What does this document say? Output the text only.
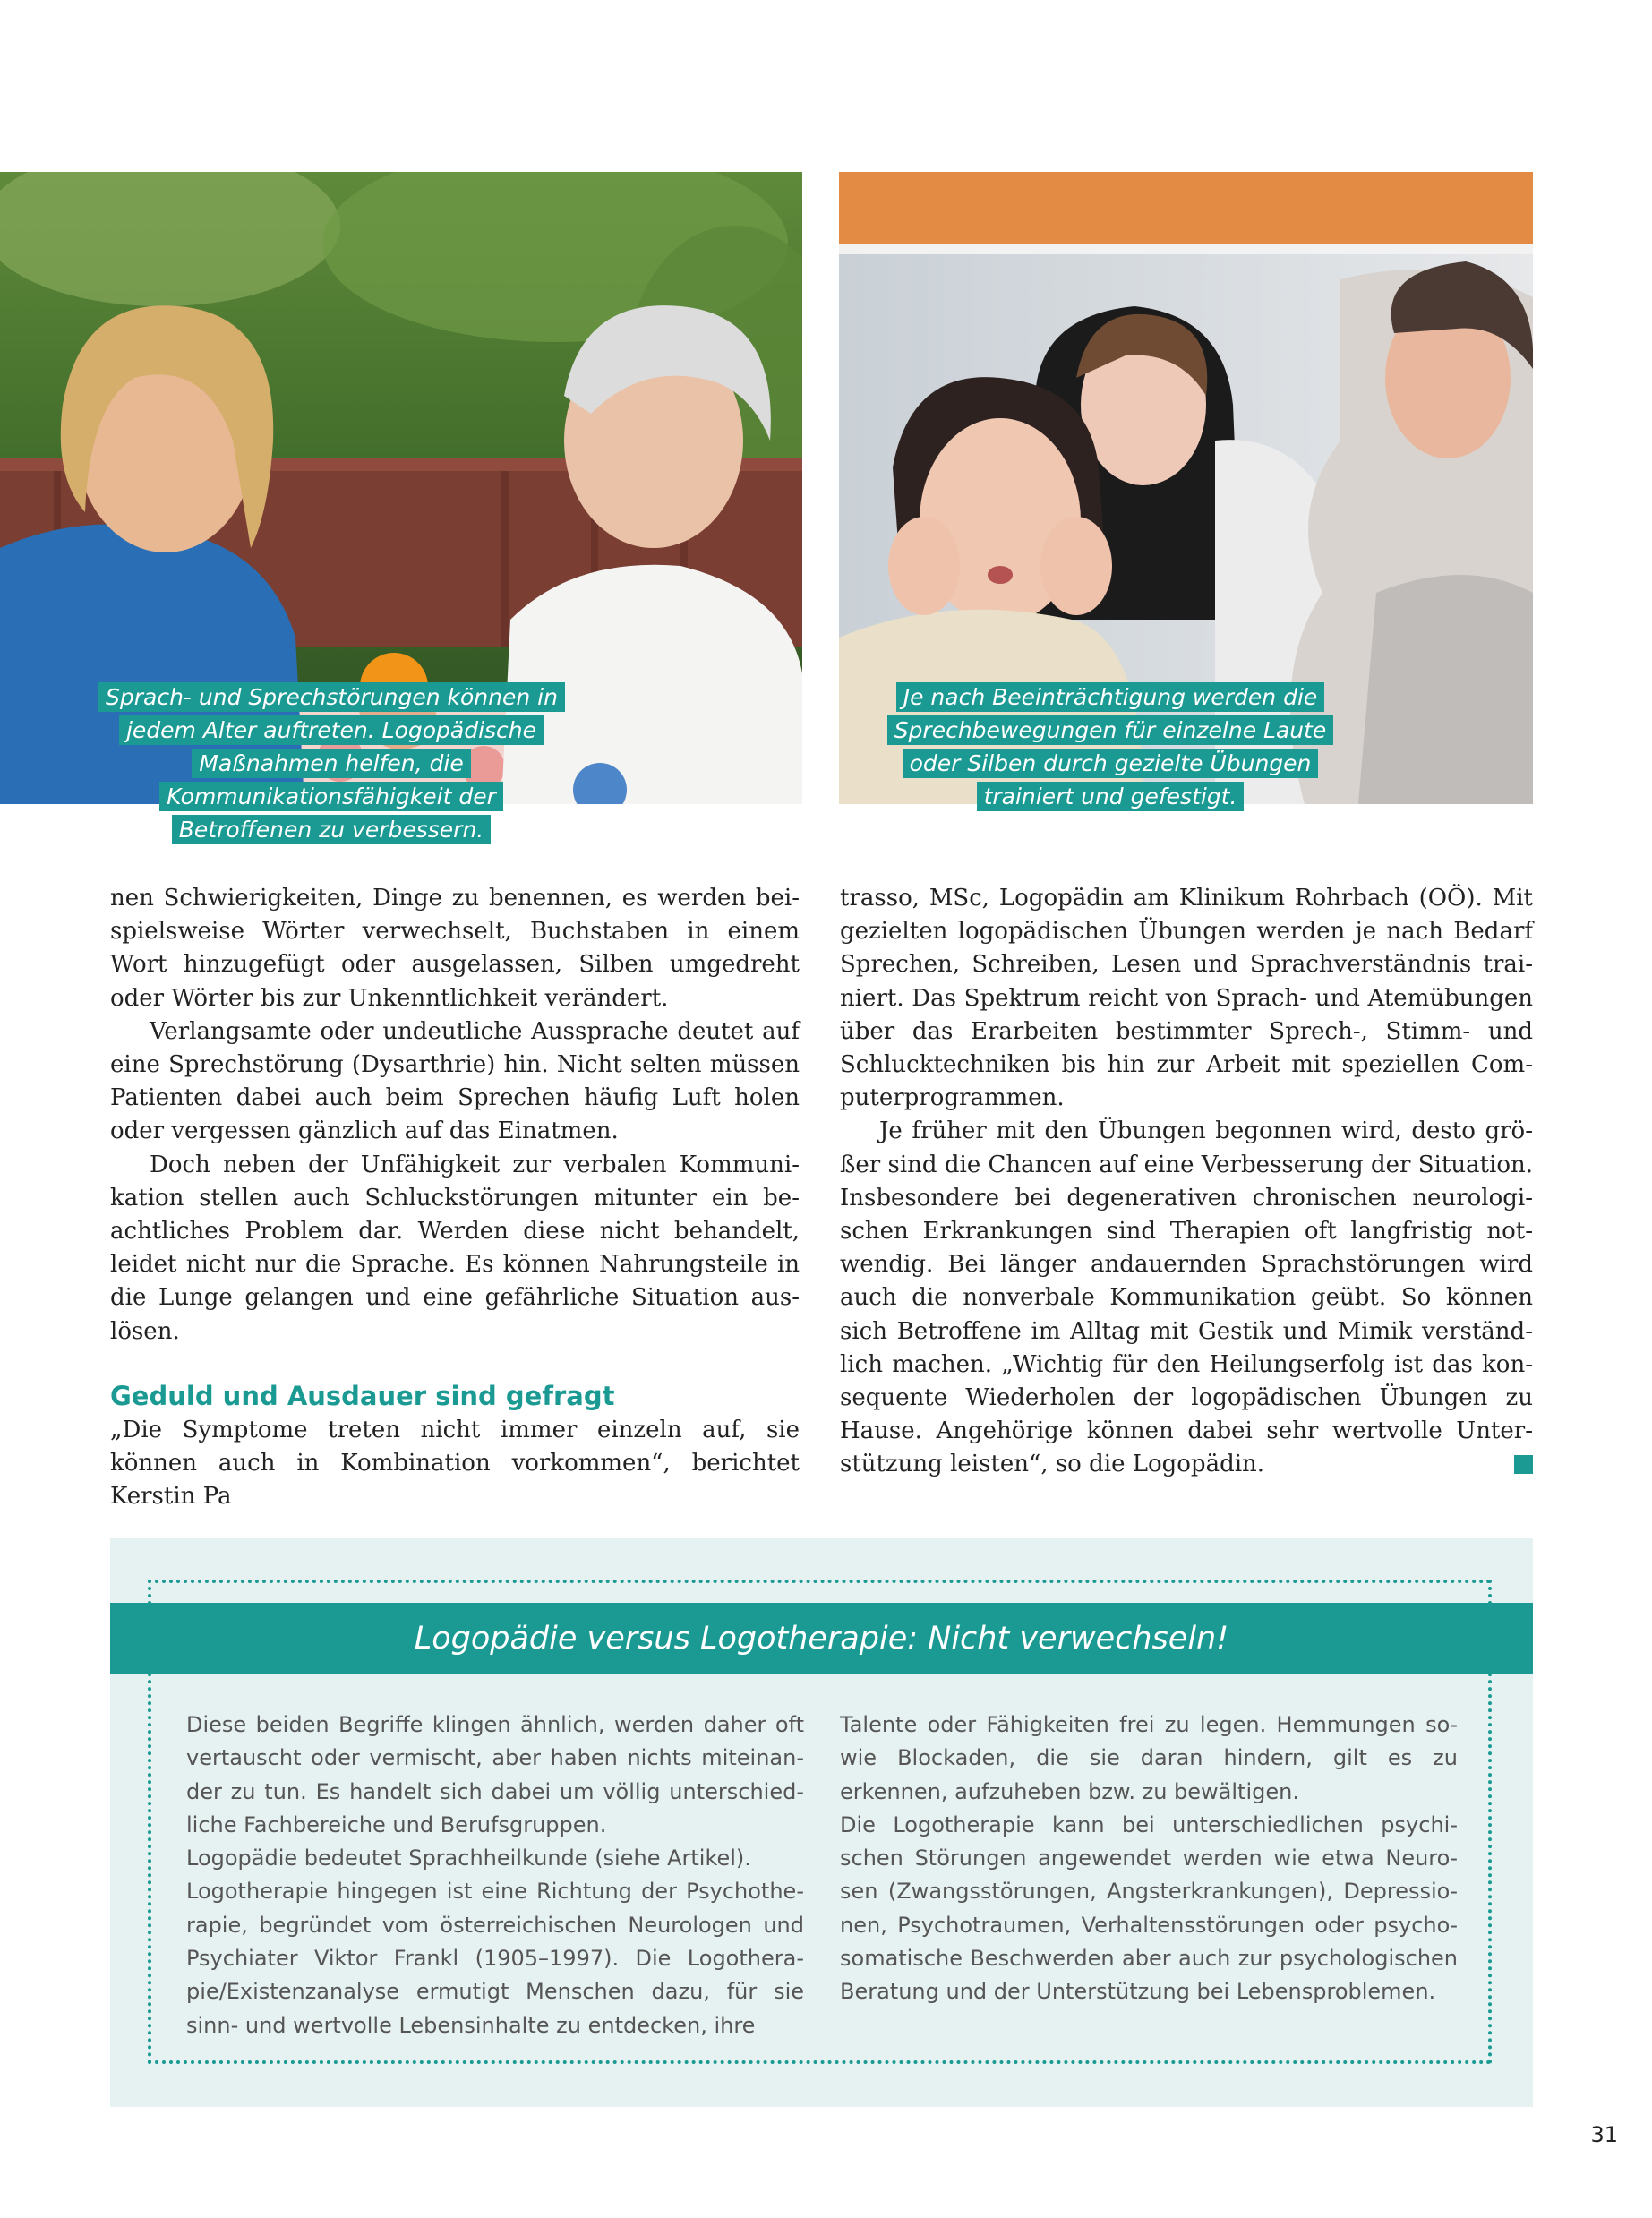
Sprach- und Sprechstörungen können in jedem Alter auftreten. Logopädische Maßnahmen helfen, die Kommunikationsfähigkeit der Betroffenen zu verbessern.
Je nach Beeinträchtigung werden die Sprechbewegungen für einzelne Laute oder Silben durch gezielte Übungen trainiert und gefestigt.

nen Schwierigkeiten, Dinge zu benennen, es werden beispielsweise Wörter verwechselt, Buchstaben in einem Wort hinzugefügt oder ausgelassen, Silben umgedreht oder Wörter bis zur Unkenntlichkeit verändert.

Verlangsamte oder undeutliche Aussprache deutet auf eine Sprechstörung (Dysarthrie) hin. Nicht selten müssen Patienten dabei auch beim Sprechen häufig Luft holen oder vergessen gänzlich auf das Einatmen.

Doch neben der Unfähigkeit zur verbalen Kommunikation stellen auch Schluckstörungen mitunter ein beachtliches Problem dar. Werden diese nicht behandelt, leidet nicht nur die Sprache. Es können Nahrungsteile in die Lunge gelangen und eine gefährliche Situation auslösen.

Geduld und Ausdauer sind gefragt

„Die Symptome treten nicht immer einzeln auf, sie können auch in Kombination vorkommen“, berichtet Kerstin Pa

trasso, MSc, Logopädin am Klinikum Rohrbach (OÖ). Mit gezielten logopädischen Übungen werden je nach Bedarf Sprechen, Schreiben, Lesen und Sprachverständnis trainiert. Das Spektrum reicht von Sprach- und Atemübungen über das Erarbeiten bestimmter Sprech-, Stimm- und Schlucktechniken bis hin zur Arbeit mit speziellen Computerprogrammen.

Je früher mit den Übungen begonnen wird, desto größer sind die Chancen auf eine Verbesserung der Situation. Insbesondere bei degenerativen chronischen neurologischen Erkrankungen sind Therapien oft langfristig notwendig. Bei länger andauernden Sprachstörungen wird auch die nonverbale Kommunikation geübt. So können sich Betroffene im Alltag mit Gestik und Mimik verständlich machen. „Wichtig für den Heilungserfolg ist das konsequente Wiederholen der logopädischen Übungen zu Hause. Angehörige können dabei sehr wertvolle Unterstützung leisten“, so die Logopädin.

Logopädie versus Logotherapie: Nicht verwechseln!

Diese beiden Begriffe klingen ähnlich, werden daher oft vertauscht oder vermischt, aber haben nichts miteinander zu tun. Es handelt sich dabei um völlig unterschiedliche Fachbereiche und Berufsgruppen.

Logopädie bedeutet Sprachheilkunde (siehe Artikel).

Logotherapie hingegen ist eine Richtung der Psychotherapie, begründet vom österreichischen Neurologen und Psychiater Viktor Frankl (1905–1997). Die Logotherapie/Existenzanalyse ermutigt Menschen dazu, für sie sinn- und wertvolle Lebensinhalte zu entdecken, ihre

Talente oder Fähigkeiten frei zu legen. Hemmungen sowie Blockaden, die sie daran hindern, gilt es zu erkennen, aufzuheben bzw. zu bewältigen.

Die Logotherapie kann bei unterschiedlichen psychischen Störungen angewendet werden wie etwa Neurosen (Zwangsstörungen, Angsterkrankungen), Depressionen, Psychotraumen, Verhaltensstörungen oder psychosomatische Beschwerden aber auch zur psychologischen Beratung und der Unterstützung bei Lebensproblemen.

31
